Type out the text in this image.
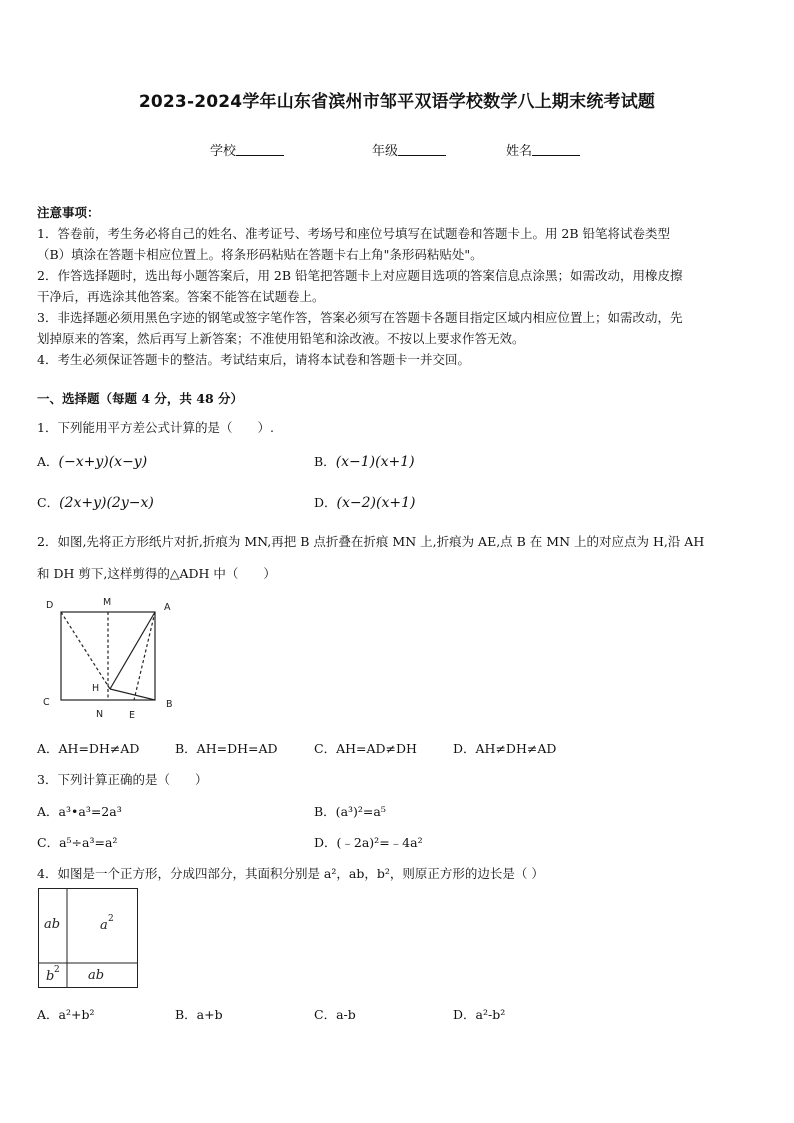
2023-2024学年山东省滨州市邹平双语学校数学八上期末统考试题
学校	年级	姓名
注意事项：
1．答卷前，考生务必将自己的姓名、准考证号、考场号和座位号填写在试题卷和答题卡上。用 2B 铅笔将试卷类型
（B）填涂在答题卡相应位置上。将条形码粘贴在答题卡右上角"条形码粘贴处"。
2．作答选择题时，选出每小题答案后，用 2B 铅笔把答题卡上对应题目选项的答案信息点涂黑；如需改动，用橡皮擦
干净后，再选涂其他答案。答案不能答在试题卷上。
3．非选择题必须用黑色字迹的钢笔或签字笔作答，答案必须写在答题卡各题目指定区域内相应位置上；如需改动，先
划掉原来的答案，然后再写上新答案；不准使用铅笔和涂改液。不按以上要求作答无效。
4．考生必须保证答题卡的整洁。考试结束后，请将本试卷和答题卡一并交回。
一、选择题（每题 4 分，共 48 分）
1．下列能用平方差公式计算的是（　　）.
A．(−x+y)(x−y)	B．(x−1)(x+1)
C．(2x+y)(2y−x)	D．(x−2)(x+1)
2．如图,先将正方形纸片对折,折痕为 MN,再把 B 点折叠在折痕 MN 上,折痕为 AE,点 B 在 MN 上的对应点为 H,沿 AH
和 DH 剪下,这样剪得的△ADH 中（　　）
D	M	A
C
H
N	E
B
A．AH=DH≠AD	B．AH=DH=AD	C．AH=AD≠DH	D．AH≠DH≠AD
3．下列计算正确的是（　　）
A．a³•a³=2a³	B．(a³)²=a⁵
C．a⁵÷a³=a²	D．(﹣2a)²=﹣4a²
4．如图是一个正方形，分成四部分，其面积分别是 a²，ab，b²，则原正方形的边长是（ ）
ab	a 2
b 2 ab
A．a²+b²	B．a+b	C．a-b	D．a²-b²
